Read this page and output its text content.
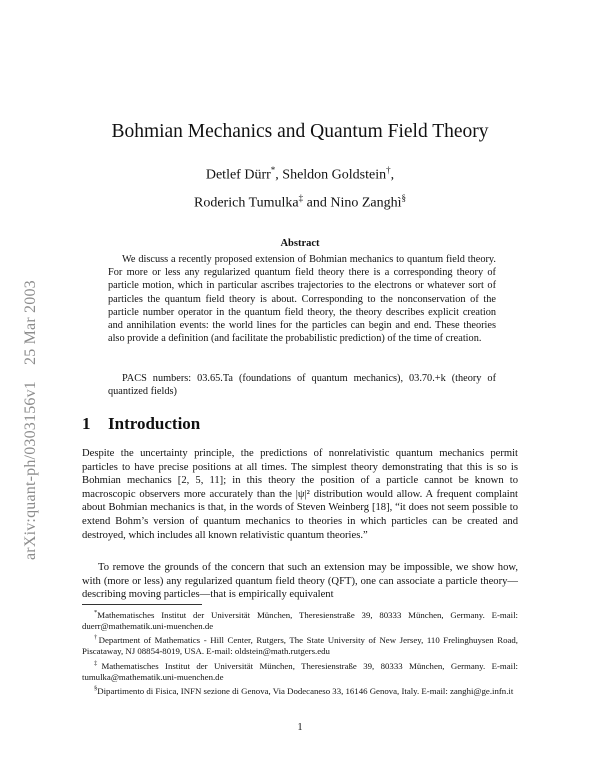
arXiv:quant-ph/0303156v125 Mar 2003
Bohmian Mechanics and Quantum Field Theory
Detlef Dürr*, Sheldon Goldstein†,
Roderich Tumulka‡ and Nino Zanghì§
Abstract

We discuss a recently proposed extension of Bohmian mechanics to quantum field theory. For more or less any regularized quantum field theory there is a corresponding theory of particle motion, which in particular ascribes trajectories to the electrons or whatever sort of particles the quantum field theory is about. Corresponding to the nonconservation of the particle number operator in the quantum field theory, the theory describes explicit creation and annihilation events: the world lines for the particles can begin and end. These theories also provide a definition (and facilitate the probabilistic prediction) of the time of creation.

PACS numbers: 03.65.Ta (foundations of quantum mechanics), 03.70.+k (theory of quantized fields)

1 Introduction

Despite the uncertainty principle, the predictions of nonrelativistic quantum mechanics permit particles to have precise positions at all times. The simplest theory demonstrating that this is so is Bohmian mechanics [2, 5, 11]; in this theory the position of a particle cannot be known to macroscopic observers more accurately than the |ψ|² distribution would allow. A frequent complaint about Bohmian mechanics is that, in the words of Steven Weinberg [18], “it does not seem possible to extend Bohm’s version of quantum mechanics to theories in which particles can be created and destroyed, which includes all known relativistic quantum theories.”

To remove the grounds of the concern that such an extension may be impossible, we show how, with (more or less) any regularized quantum field theory (QFT), one can associate a particle theory—describing moving particles—that is empirically equivalent

*Mathematisches Institut der Universität München, Theresienstraße 39, 80333 München, Germany. E-mail: duerr@mathematik.uni-muenchen.de

†Department of Mathematics - Hill Center, Rutgers, The State University of New Jersey, 110 Frelinghuysen Road, Piscataway, NJ 08854-8019, USA. E-mail: oldstein@math.rutgers.edu

‡Mathematisches Institut der Universität München, Theresienstraße 39, 80333 München, Germany. E-mail: tumulka@mathematik.uni-muenchen.de

§Dipartimento di Fisica, INFN sezione di Genova, Via Dodecaneso 33, 16146 Genova, Italy. E-mail: zanghi@ge.infn.it

1
